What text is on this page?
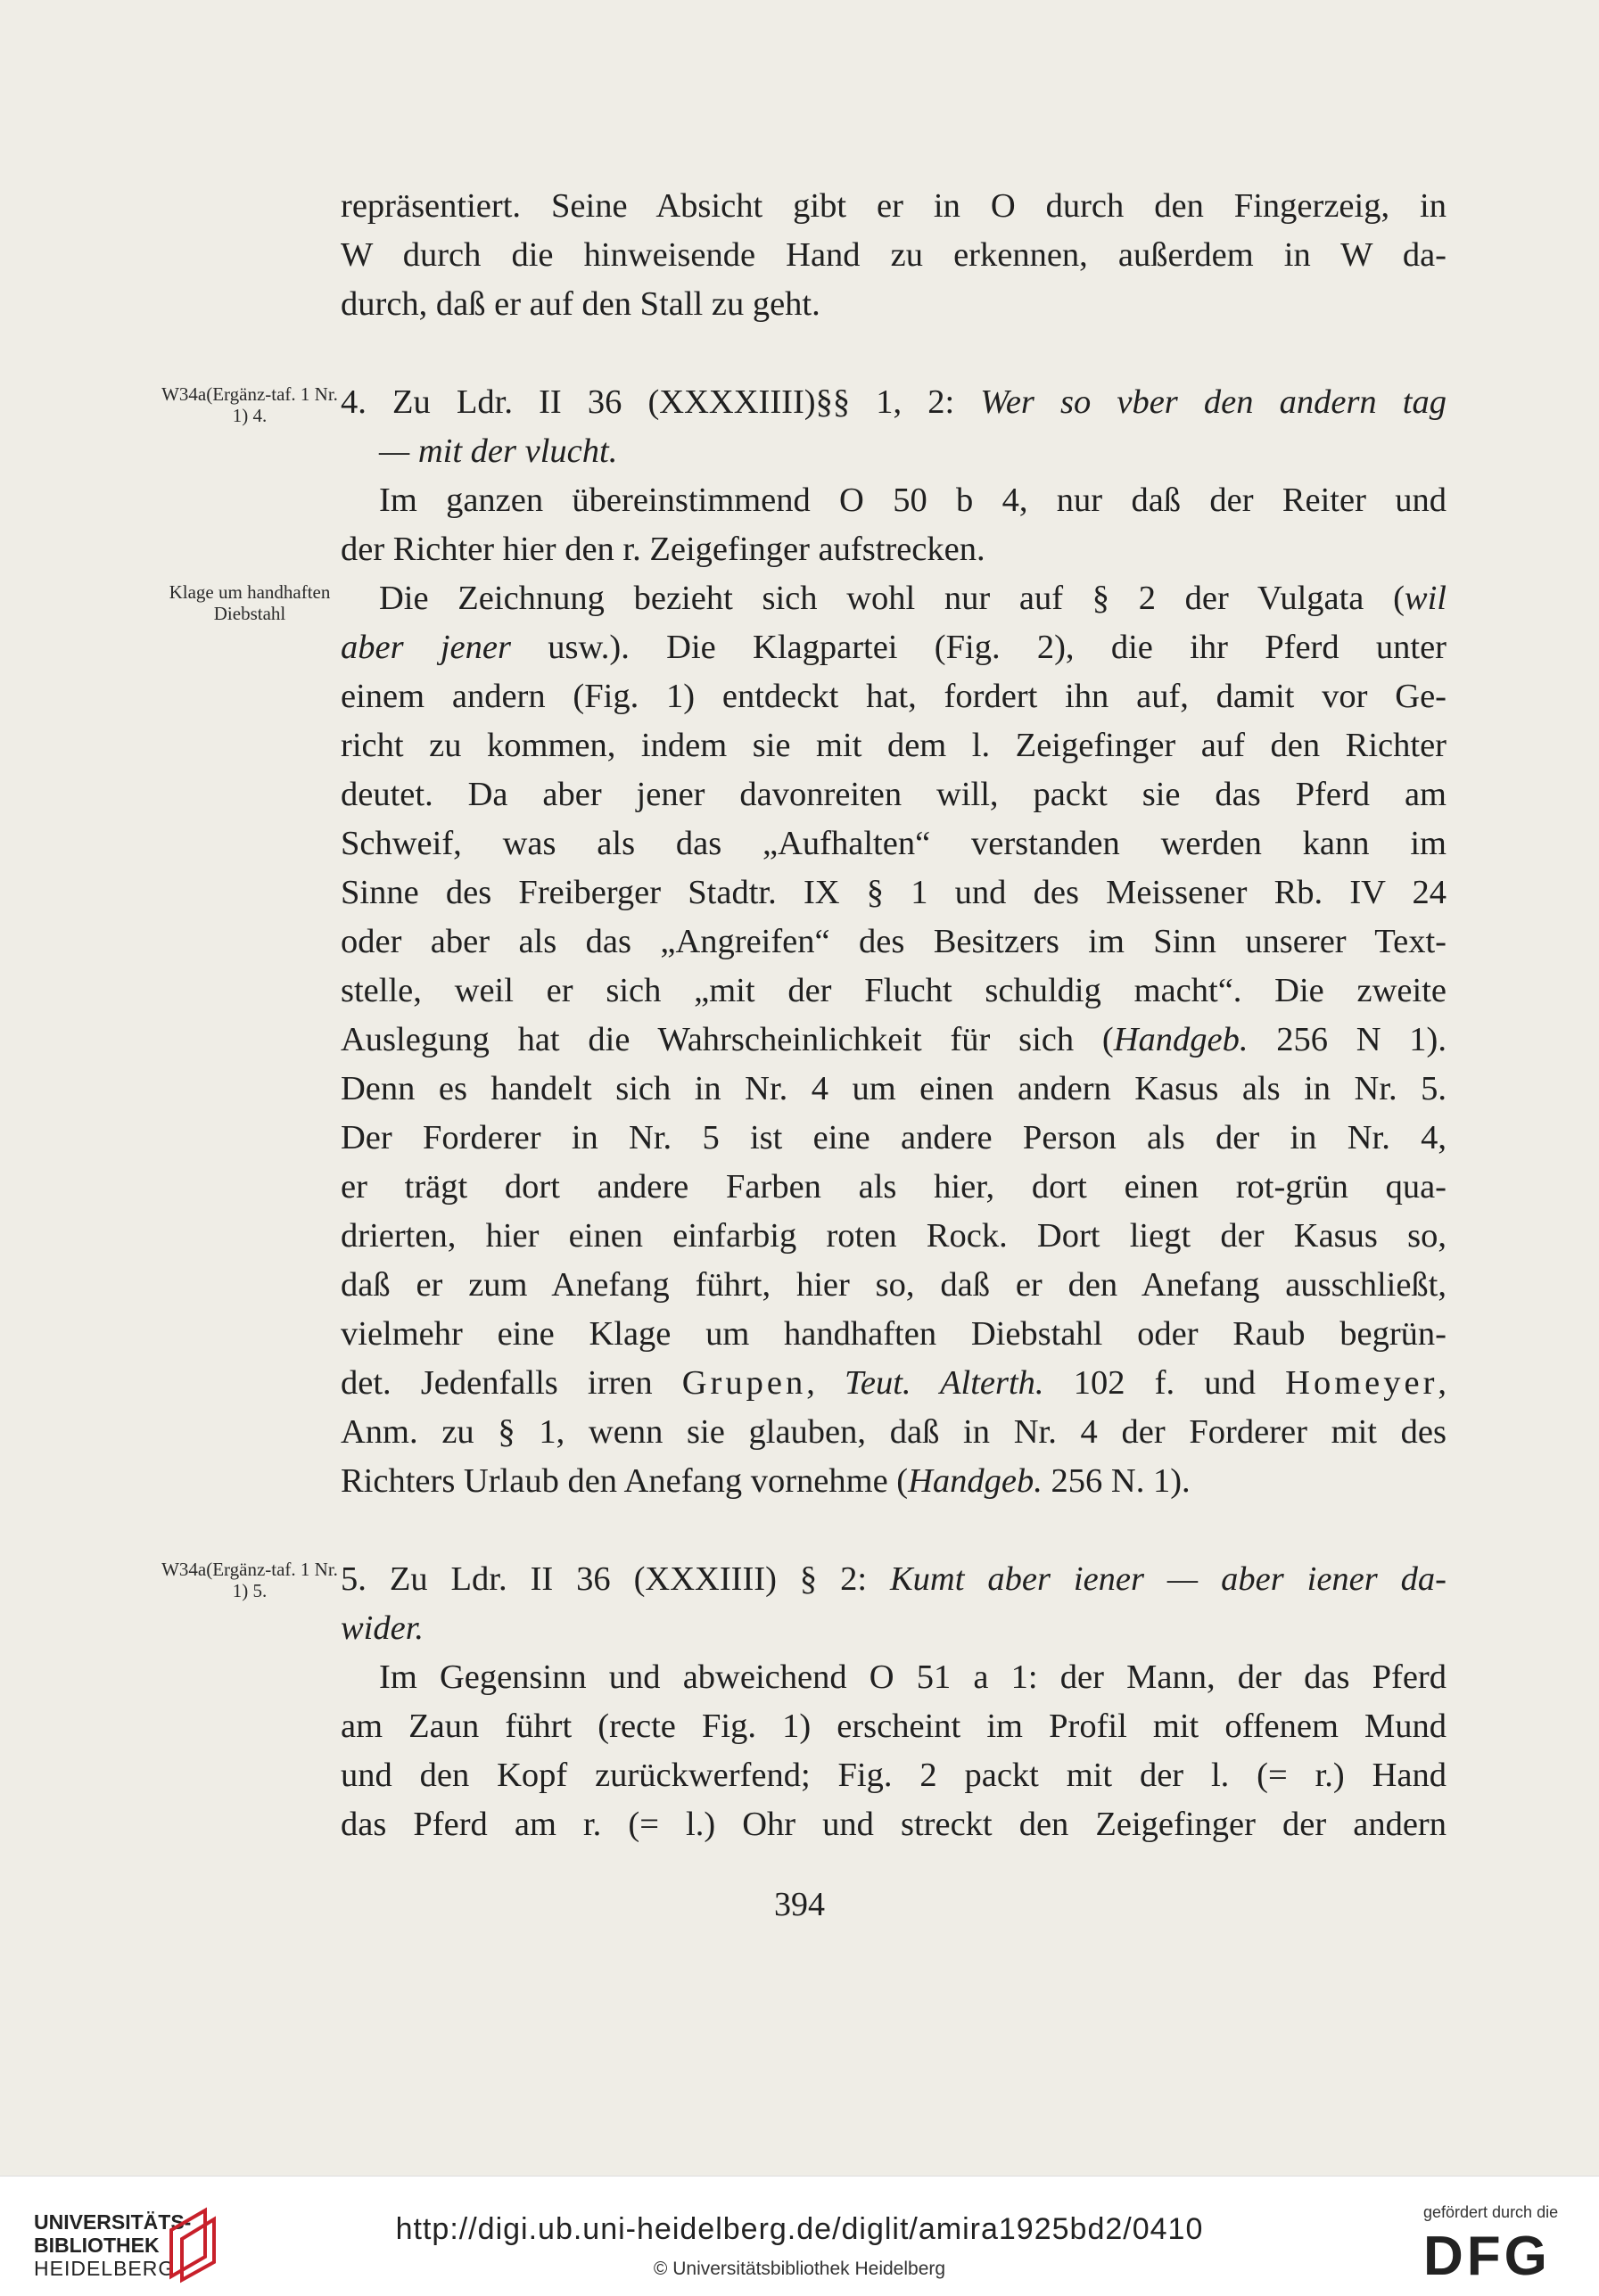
repräsentiert. Seine Absicht gibt er in O durch den Fingerzeig, in
W durch die hinweisende Hand zu erkennen, außerdem in W da-
durch, daß er auf den Stall zu geht.
W34a(Ergänz-taf. 1 Nr. 1) 4.	4. Zu Ldr. II 36 (XXXXIIII)§§ 1, 2: Wer so vber den andern tag
— mit der vlucht.
Im ganzen übereinstimmend O 50 b 4, nur daß der Reiter und
der Richter hier den r. Zeigefinger aufstrecken.
Klage um handhaften Diebstahl	Die Zeichnung bezieht sich wohl nur auf § 2 der Vulgata (wil
aber jener usw.). Die Klagpartei (Fig. 2), die ihr Pferd unter
einem andern (Fig. 1) entdeckt hat, fordert ihn auf, damit vor Ge-
richt zu kommen, indem sie mit dem l. Zeigefinger auf den Richter
deutet. Da aber jener davonreiten will, packt sie das Pferd am
Schweif, was als das „Aufhalten“ verstanden werden kann im
Sinne des Freiberger Stadtr. IX § 1 und des Meissener Rb. IV 24
oder aber als das „Angreifen“ des Besitzers im Sinn unserer Text-
stelle, weil er sich „mit der Flucht schuldig macht“. Die zweite
Auslegung hat die Wahrscheinlichkeit für sich (Handgeb. 256 N 1).
Denn es handelt sich in Nr. 4 um einen andern Kasus als in Nr. 5.
Der Forderer in Nr. 5 ist eine andere Person als der in Nr. 4,
er trägt dort andere Farben als hier, dort einen rot-grün qua-
drierten, hier einen einfarbig roten Rock. Dort liegt der Kasus so,
daß er zum Anefang führt, hier so, daß er den Anefang ausschließt,
vielmehr eine Klage um handhaften Diebstahl oder Raub begrün-
det. Jedenfalls irren Grupen, Teut. Alterth. 102 f. und Homeyer,
Anm. zu § 1, wenn sie glauben, daß in Nr. 4 der Forderer mit des
Richters Urlaub den Anefang vornehme (Handgeb. 256 N. 1).
W34a(Ergänz-taf. 1 Nr. 1) 5.	5. Zu Ldr. II 36 (XXXIIII) § 2: Kumt aber iener — aber iener da-
wider.
Im Gegensinn und abweichend O 51 a 1: der Mann, der das Pferd
am Zaun führt (recte Fig. 1) erscheint im Profil mit offenem Mund
und den Kopf zurückwerfend; Fig. 2 packt mit der l. (= r.) Hand
das Pferd am r. (= l.) Ohr und streckt den Zeigefinger der andern
394
UNIVERSITÄTS-
BIBLIOTHEK
HEIDELBERG
http://digi.ub.uni-heidelberg.de/diglit/amira1925bd2/0410
© Universitätsbibliothek Heidelberg
gefördert durch die
DFG
